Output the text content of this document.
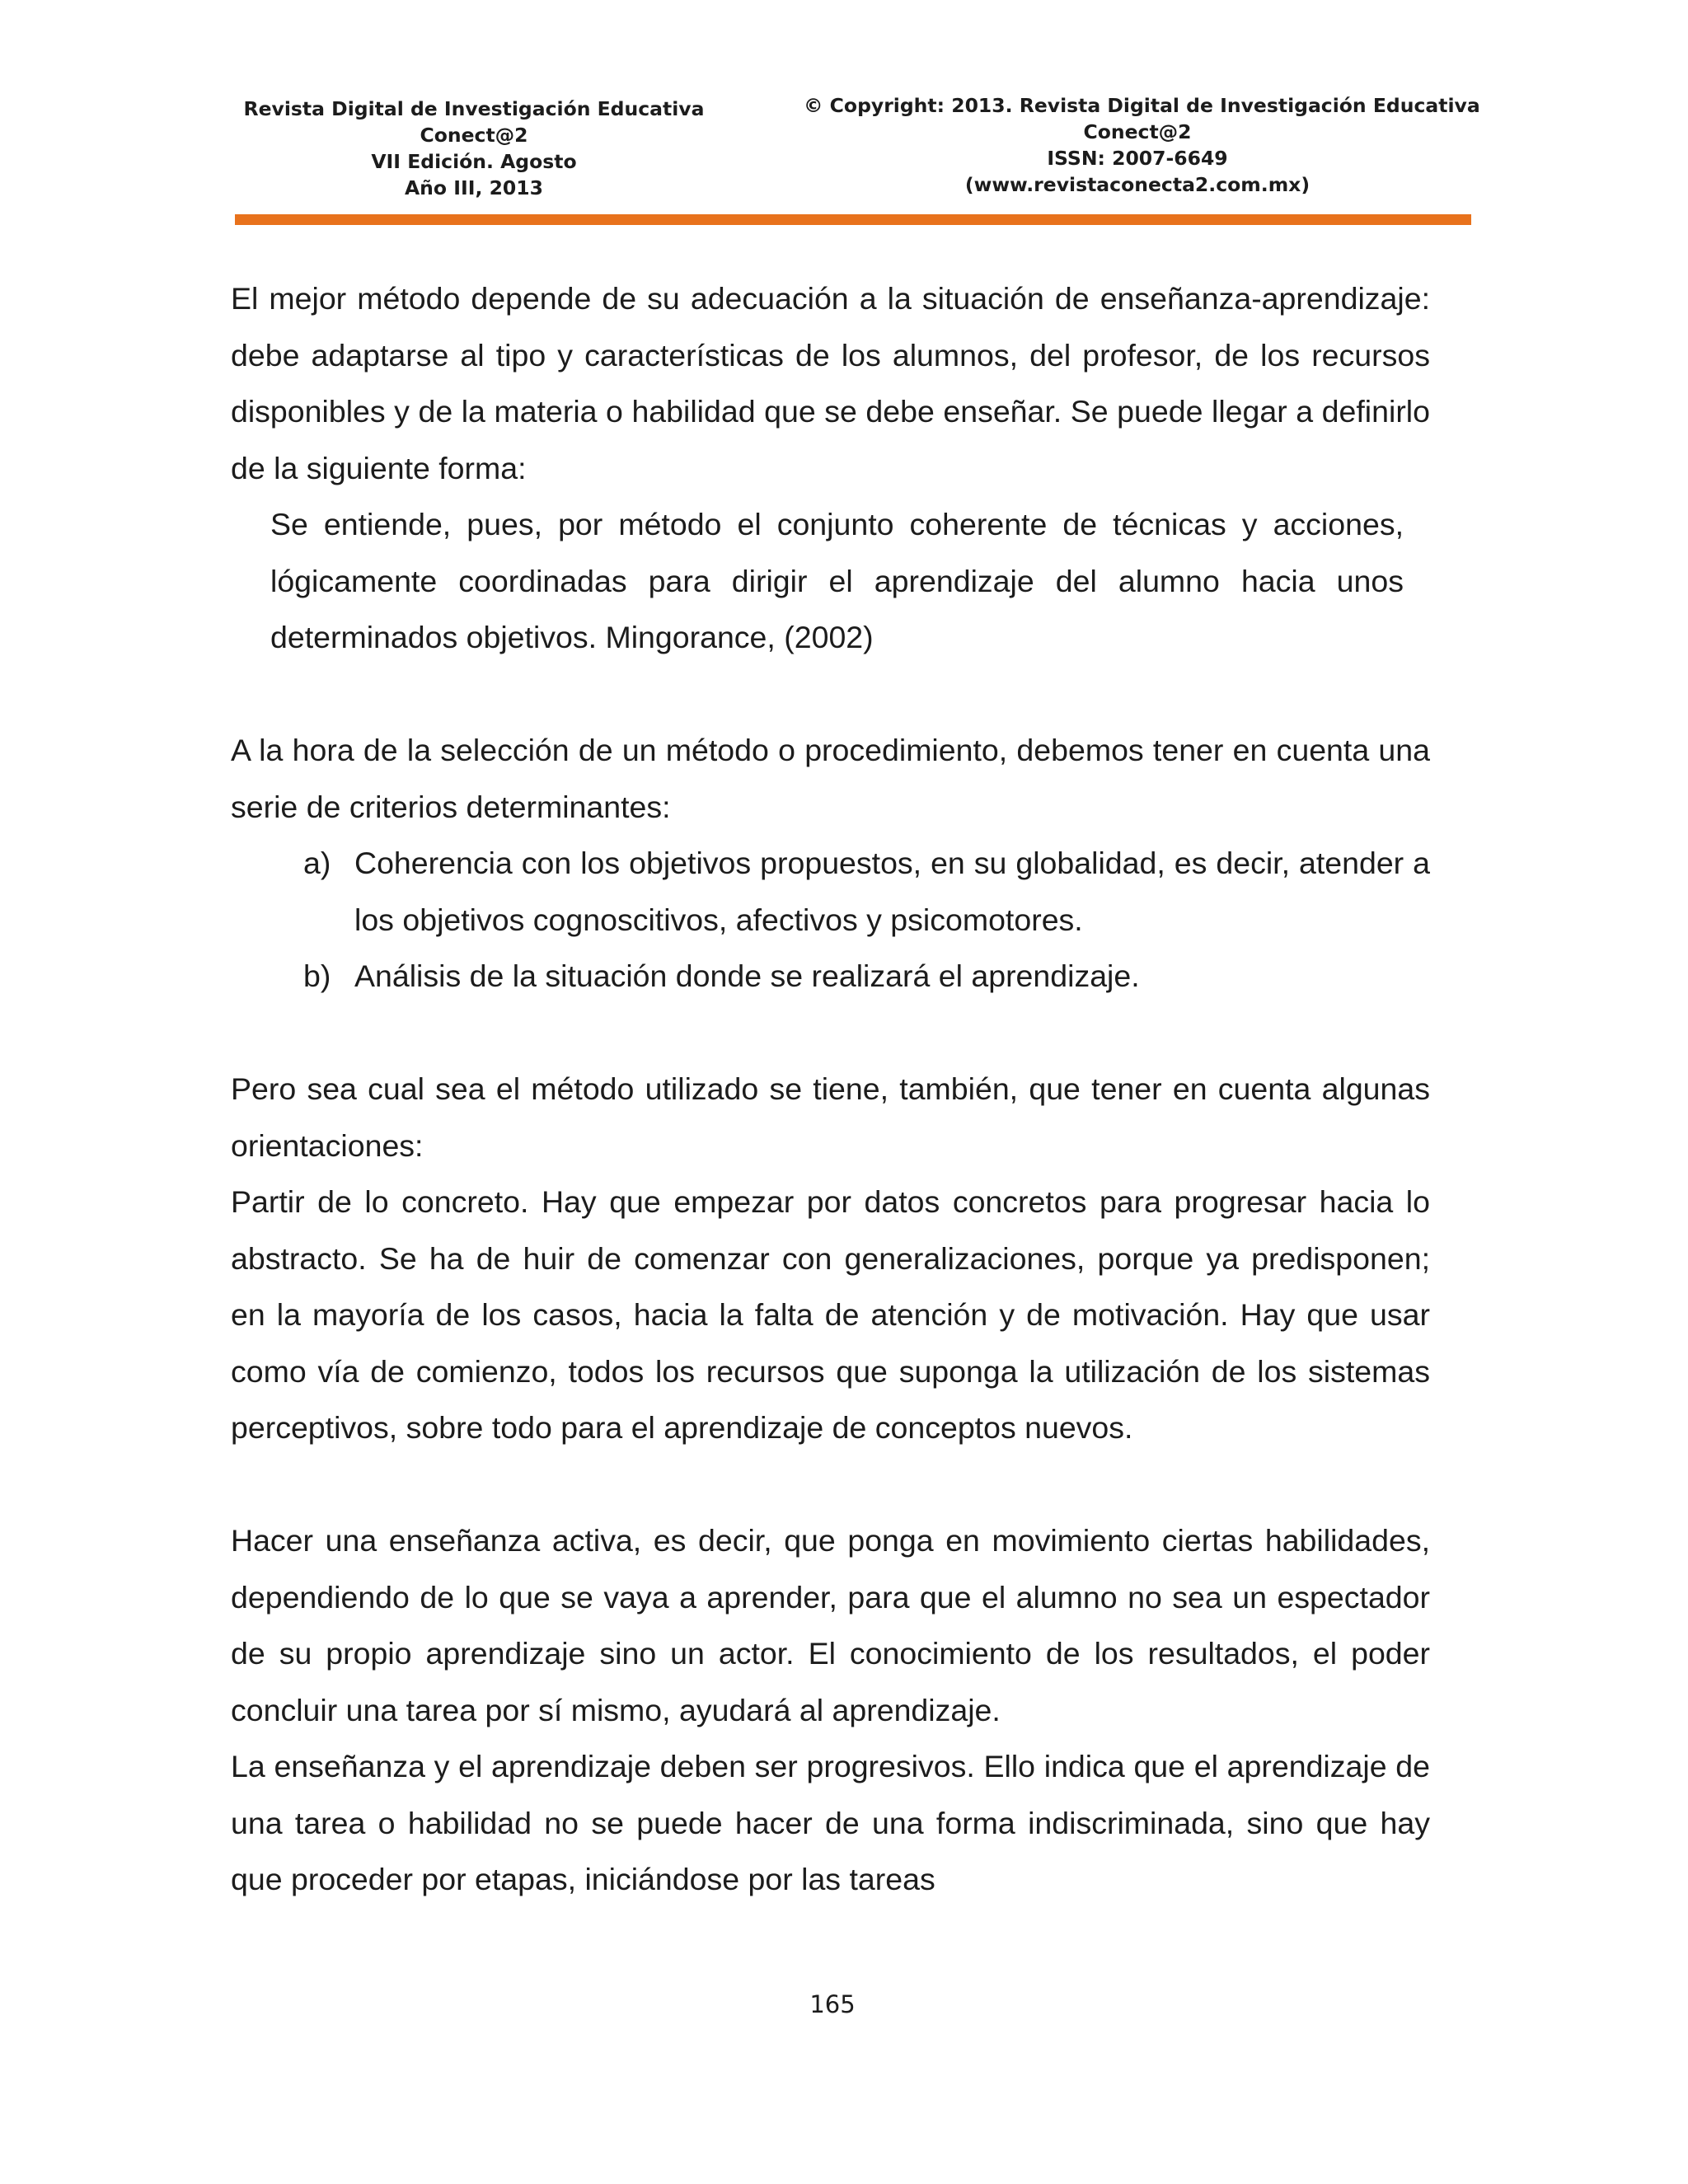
Revista Digital de Investigación Educativa
Conect@2
VII Edición. Agosto
Año III, 2013
© Copyright: 2013. Revista Digital de Investigación Educativa
Conect@2
ISSN: 2007-6649
(www.revistaconecta2.com.mx)

El mejor método depende de su adecuación a la situación de enseñanza-aprendizaje: debe adaptarse al tipo y características de los alumnos, del profesor, de los recursos disponibles y de la materia o habilidad que se debe enseñar. Se puede llegar a definirlo de la siguiente forma:

Se entiende, pues, por método el conjunto coherente de técnicas y acciones, lógicamente coordinadas para dirigir el aprendizaje del alumno hacia unos determinados objetivos. Mingorance, (2002)

A la hora de la selección de un método o procedimiento, debemos tener en cuenta una serie de criterios determinantes:

a) Coherencia con los objetivos propuestos, en su globalidad, es decir, atender a los objetivos cognoscitivos, afectivos y psicomotores.
b) Análisis de la situación donde se realizará el aprendizaje.

Pero sea cual sea el método utilizado se tiene, también, que tener en cuenta algunas orientaciones:

Partir de lo concreto. Hay que empezar por datos concretos para progresar hacia lo abstracto. Se ha de huir de comenzar con generalizaciones, porque ya predisponen; en la mayoría de los casos, hacia la falta de atención y de motivación. Hay que usar como vía de comienzo, todos los recursos que suponga la utilización de los sistemas perceptivos, sobre todo para el aprendizaje de conceptos nuevos.

Hacer una enseñanza activa, es decir, que ponga en movimiento ciertas habilidades, dependiendo de lo que se vaya a aprender, para que el alumno no sea un espectador de su propio aprendizaje sino un actor. El conocimiento de los resultados, el poder concluir una tarea por sí mismo, ayudará al aprendizaje.

La enseñanza y el aprendizaje deben ser progresivos. Ello indica que el aprendizaje de una tarea o habilidad no se puede hacer de una forma indiscriminada, sino que hay que proceder por etapas, iniciándose por las tareas

165
